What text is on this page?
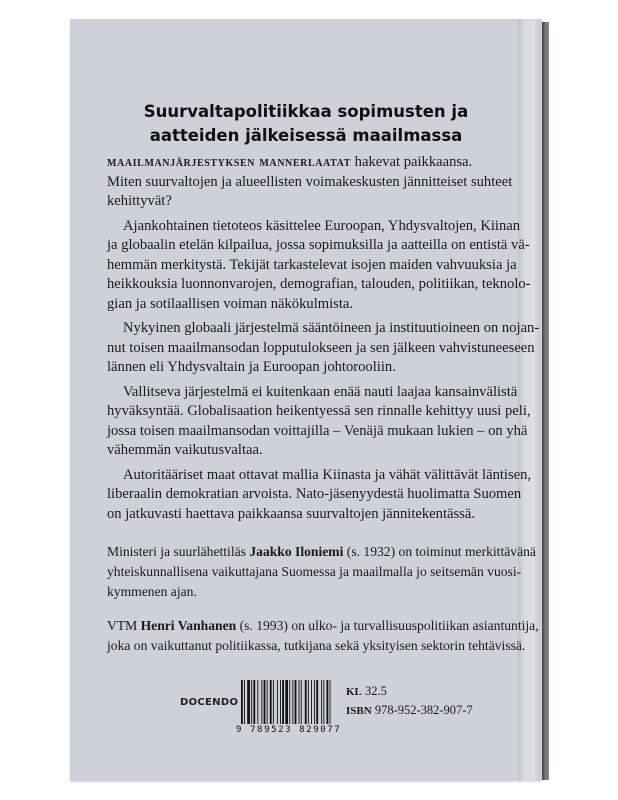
Suurvaltapolitiikkaa sopimusten ja
aatteiden jälkeisessä maailmassa
maailmanjärjestyksen mannerlaatat hakevat paikkaansa.
Miten suurvaltojen ja alueellisten voimakeskusten jännitteiset suhteet
kehittyvät?
Ajankohtainen tietoteos käsittelee Euroopan, Yhdysvaltojen, Kiinan
ja globaalin etelän kilpailua, jossa sopimuksilla ja aatteilla on entistä vä-
hemmän merkitystä. Tekijät tarkastelevat isojen maiden vahvuuksia ja
heikkouksia luonnonvarojen, demografian, talouden, politiikan, teknolo-
gian ja sotilaallisen voiman näkökulmista.
Nykyinen globaali järjestelmä sääntöineen ja instituutioineen on nojan-
nut toisen maailmansodan lopputulokseen ja sen jälkeen vahvistuneeseen
lännen eli Yhdysvaltain ja Euroopan johtorooliin.
Vallitseva järjestelmä ei kuitenkaan enää nauti laajaa kansainvälistä
hyväksyntää. Globalisaation heikentyessä sen rinnalle kehittyy uusi peli,
jossa toisen maailmansodan voittajilla – Venäjä mukaan lukien – on yhä
vähemmän vaikutusvaltaa.
Autoritääriset maat ottavat mallia Kiinasta ja vähät välittävät läntisen,
liberaalin demokratian arvoista. Nato-jäsenyydestä huolimatta Suomen
on jatkuvasti haettava paikkaansa suurvaltojen jännitekentässä.
Ministeri ja suurlähettiläs Jaakko Iloniemi (s. 1932) on toiminut merkittävänä
yhteiskunnallisena vaikuttajana Suomessa ja maailmalla jo seitsemän vuosi-
kymmenen ajan.
VTM Henri Vanhanen (s. 1993) on ulko- ja turvallisuuspolitiikan asiantuntija,
joka on vaikuttanut politiikassa, tutkijana sekä yksityisen sektorin tehtävissä.
DOCENDO
9 789523 829077
KL 32.5
ISBN 978-952-382-907-7
